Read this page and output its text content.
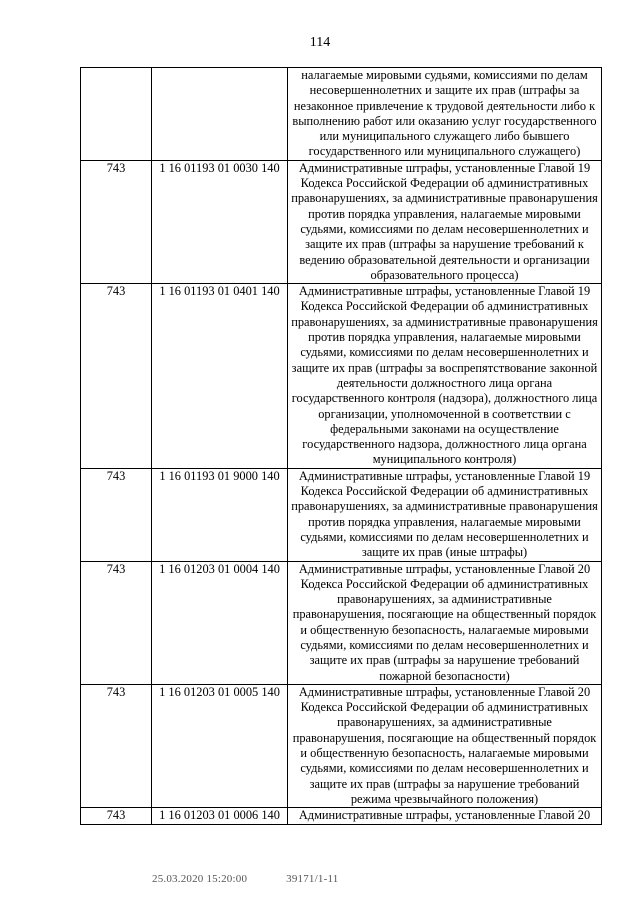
114
		налагаемые мировыми судьями, комиссиями по делам несовершеннолетних и защите их прав (штрафы за незаконное привлечение к трудовой деятельности либо к выполнению работ или оказанию услуг государственного или муниципального служащего либо бывшего государственного или муниципального служащего)
743	1 16 01193 01 0030 140	Административные штрафы, установленные Главой 19 Кодекса Российской Федерации об административных правонарушениях, за административные правонарушения против порядка управления, налагаемые мировыми судьями, комиссиями по делам несовершеннолетних и защите их прав (штрафы за нарушение требований к ведению образовательной деятельности и организации образовательного процесса)
743	1 16 01193 01 0401 140	Административные штрафы, установленные Главой 19 Кодекса Российской Федерации об административных правонарушениях, за административные правонарушения против порядка управления, налагаемые мировыми судьями, комиссиями по делам несовершеннолетних и защите их прав (штрафы за воспрепятствование законной деятельности должностного лица органа государственного контроля (надзора), должностного лица организации, уполномоченной в соответствии с федеральными законами на осуществление государственного надзора, должностного лица органа муниципального контроля)
743	1 16 01193 01 9000 140	Административные штрафы, установленные Главой 19 Кодекса Российской Федерации об административных правонарушениях, за административные правонарушения против порядка управления, налагаемые мировыми судьями, комиссиями по делам несовершеннолетних и защите их прав (иные штрафы)
743	1 16 01203 01 0004 140	Административные штрафы, установленные Главой 20 Кодекса Российской Федерации об административных правонарушениях, за административные правонарушения, посягающие на общественный порядок и общественную безопасность, налагаемые мировыми судьями, комиссиями по делам несовершеннолетних и защите их прав (штрафы за нарушение требований пожарной безопасности)
743	1 16 01203 01 0005 140	Административные штрафы, установленные Главой 20 Кодекса Российской Федерации об административных правонарушениях, за административные правонарушения, посягающие на общественный порядок и общественную безопасность, налагаемые мировыми судьями, комиссиями по делам несовершеннолетних и защите их прав (штрафы за нарушение требований режима чрезвычайного положения)
743	1 16 01203 01 0006 140	Административные штрафы, установленные Главой 20
25.03.2020 15:20:00	39171/1-11
